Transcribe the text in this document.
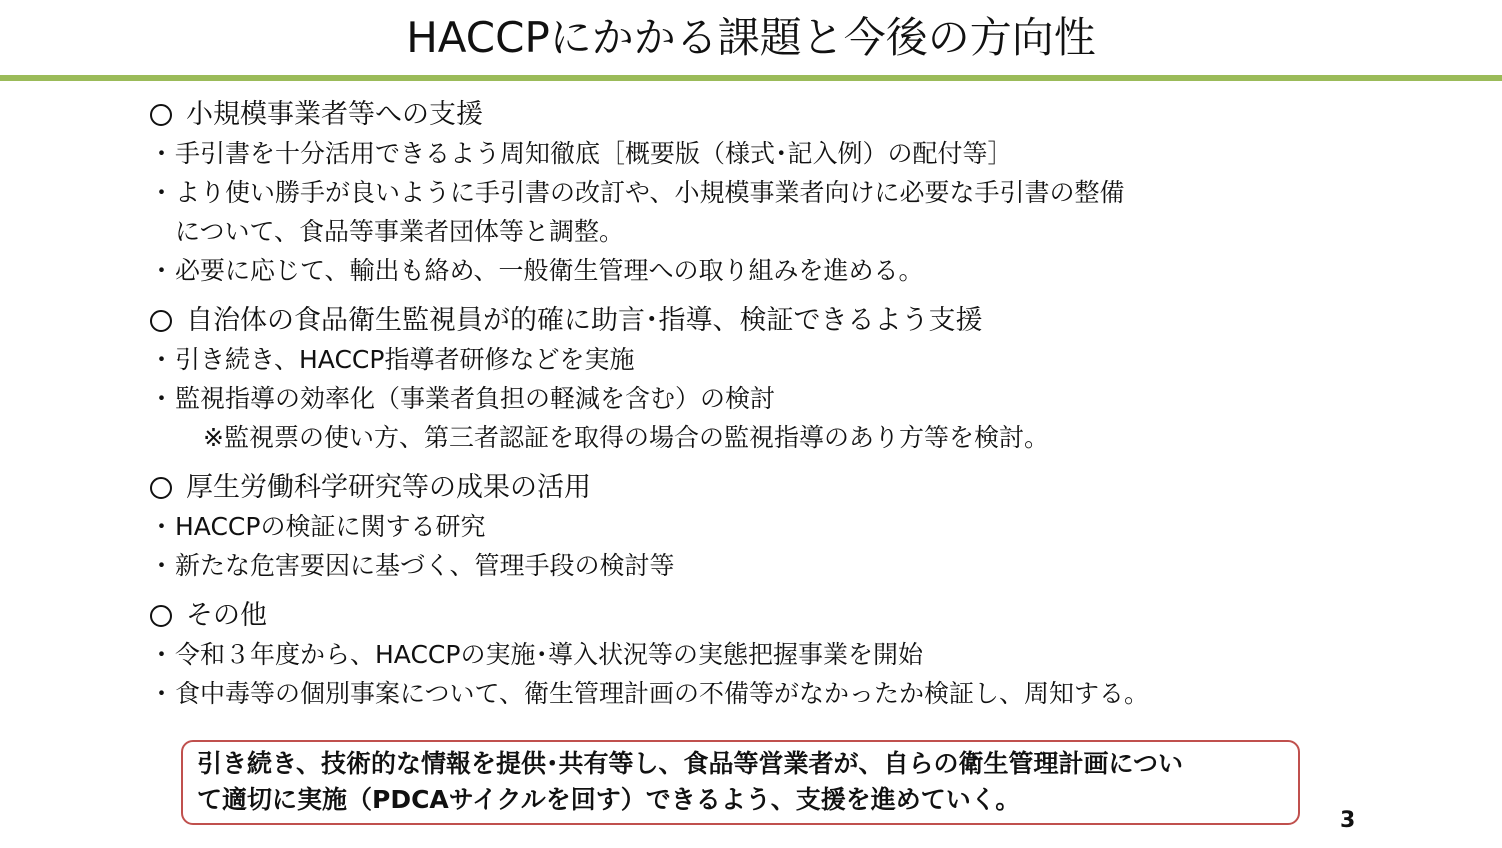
HACCPにかかる課題と今後の方向性
小規模事業者等への支援
・ 手引書を十分活用できるよう周知徹底［概要版（様式･記入例）の配付等］
・ より使い勝手が良いように手引書の改訂や、小規模事業者向けに必要な手引書の整備
について、食品等事業者団体等と調整。
・ 必要に応じて、輸出も絡め、一般衛生管理への取り組みを進める。
自治体の食品衛生監視員が的確に助言･指導、検証できるよう支援
・ 引き続き、HACCP指導者研修などを実施
・ 監視指導の効率化（事業者負担の軽減を含む）の検討
※監視票の使い方、第三者認証を取得の場合の監視指導のあり方等を検討。
厚生労働科学研究等の成果の活用
・ HACCPの検証に関する研究
・ 新たな危害要因に基づく、管理手段の検討等
その他
・ 令和３年度から、HACCPの実施･導入状況等の実態把握事業を開始
・ 食中毒等の個別事案について、衛生管理計画の不備等がなかったか検証し、周知する。
引き続き、技術的な情報を提供･共有等し、食品等営業者が、自らの衛生管理計画につい
て適切に実施（PDCAサイクルを回す）できるよう、支援を進めていく。
3
